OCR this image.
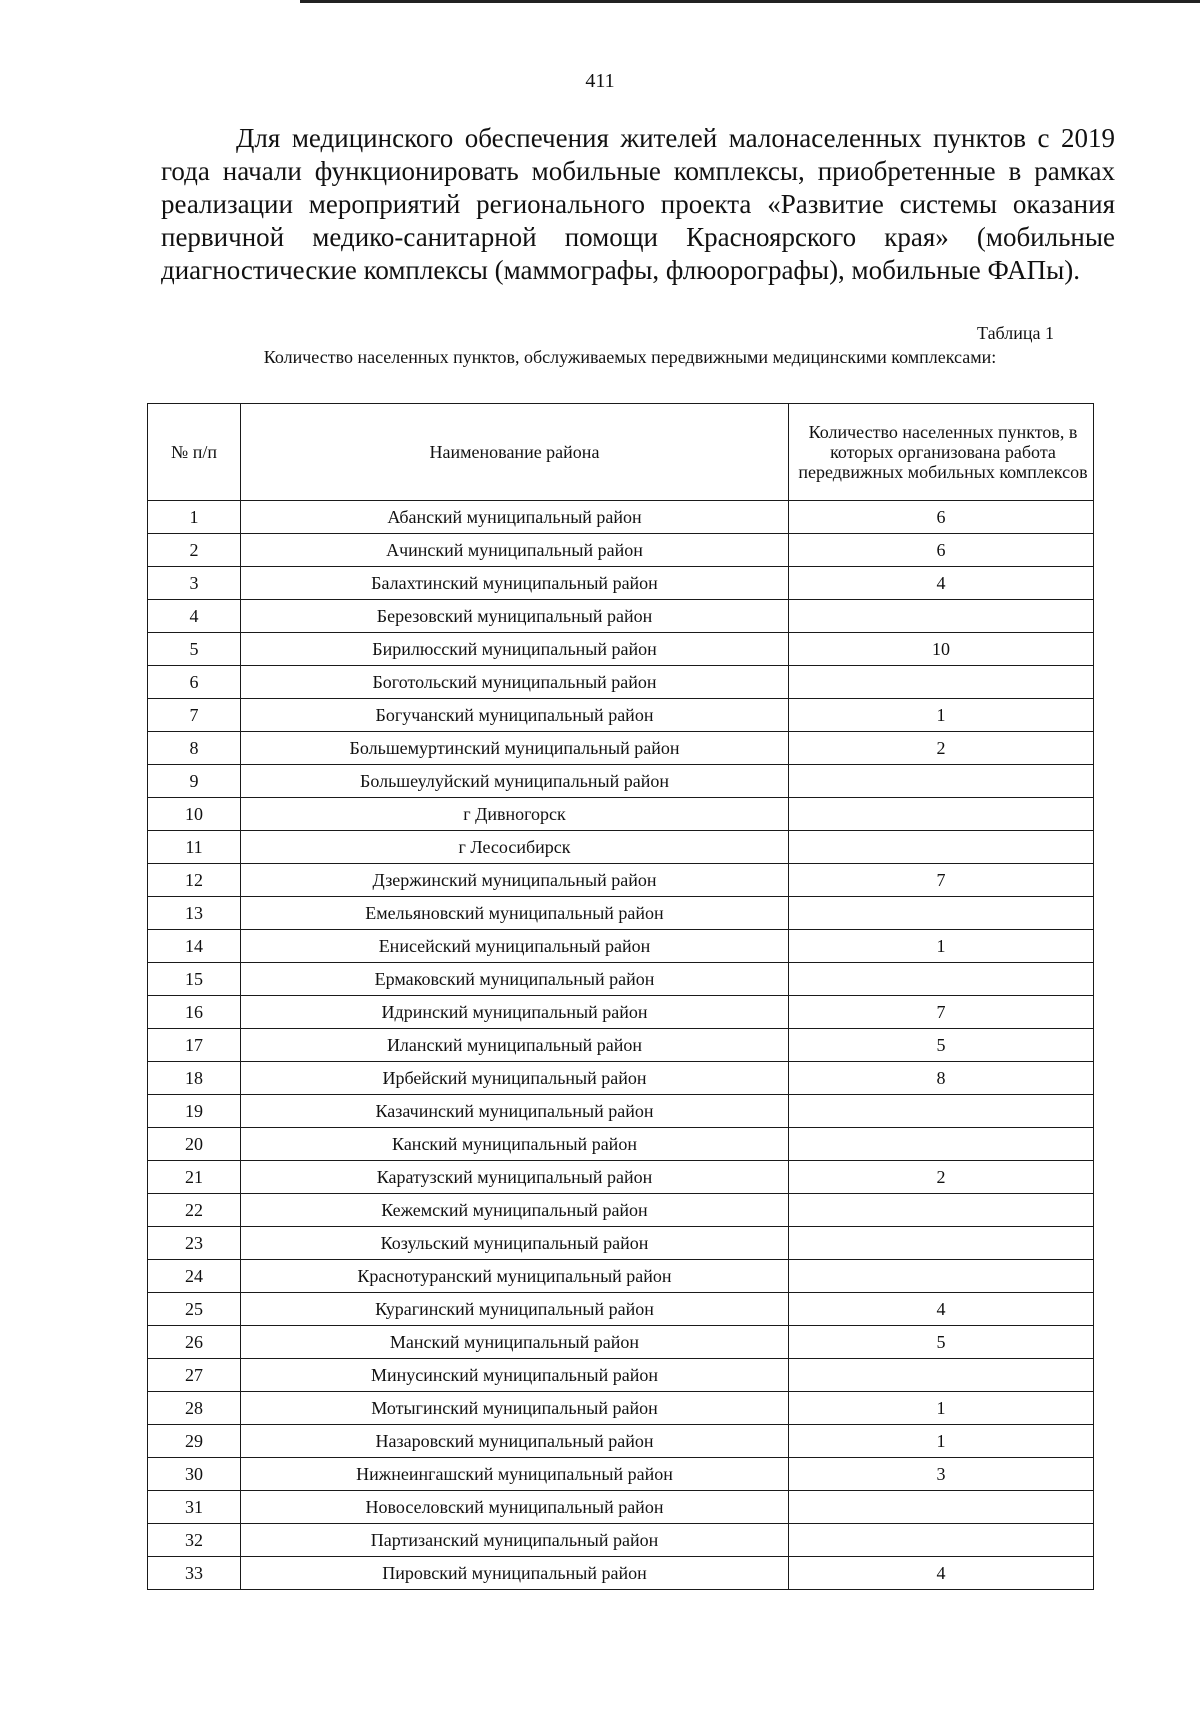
411

Для медицинского обеспечения жителей малонаселенных пунктов с 2019 года начали функционировать мобильные комплексы, приобретенные в рамках реализации мероприятий регионального проекта «Развитие системы оказания первичной медико-санитарной помощи Красноярского края» (мобильные диагностические комплексы (маммографы, флюорографы), мобильные ФАПы).

Таблица 1
Количество населенных пунктов, обслуживаемых передвижными медицинскими комплексами:
№ п/п	Наименование района	Количество населенных пунктов, в которых организована работа передвижных мобильных комплексов

1	Абанский муниципальный район	6
2	Ачинский муниципальный район	6
3	Балахтинский муниципальный район	4
4	Березовский муниципальный район	
5	Бирилюсский муниципальный район	10
6	Боготольский муниципальный район	
7	Богучанский муниципальный район	1
8	Большемуртинский муниципальный район	2
9	Большеулуйский муниципальный район	
10	г Дивногорск	
11	г Лесосибирск	
12	Дзержинский муниципальный район	7
13	Емельяновский муниципальный район	
14	Енисейский муниципальный район	1
15	Ермаковский муниципальный район	
16	Идринский муниципальный район	7
17	Иланский муниципальный район	5
18	Ирбейский муниципальный район	8
19	Казачинский муниципальный район	
20	Канский муниципальный район	
21	Каратузский муниципальный район	2
22	Кежемский муниципальный район	
23	Козульский муниципальный район	
24	Краснотуранский муниципальный район	
25	Курагинский муниципальный район	4
26	Манский муниципальный район	5
27	Минусинский муниципальный район	
28	Мотыгинский муниципальный район	1
29	Назаровский муниципальный район	1
30	Нижнеингашский муниципальный район	3
31	Новоселовский муниципальный район	
32	Партизанский муниципальный район	
33	Пировский муниципальный район	4
